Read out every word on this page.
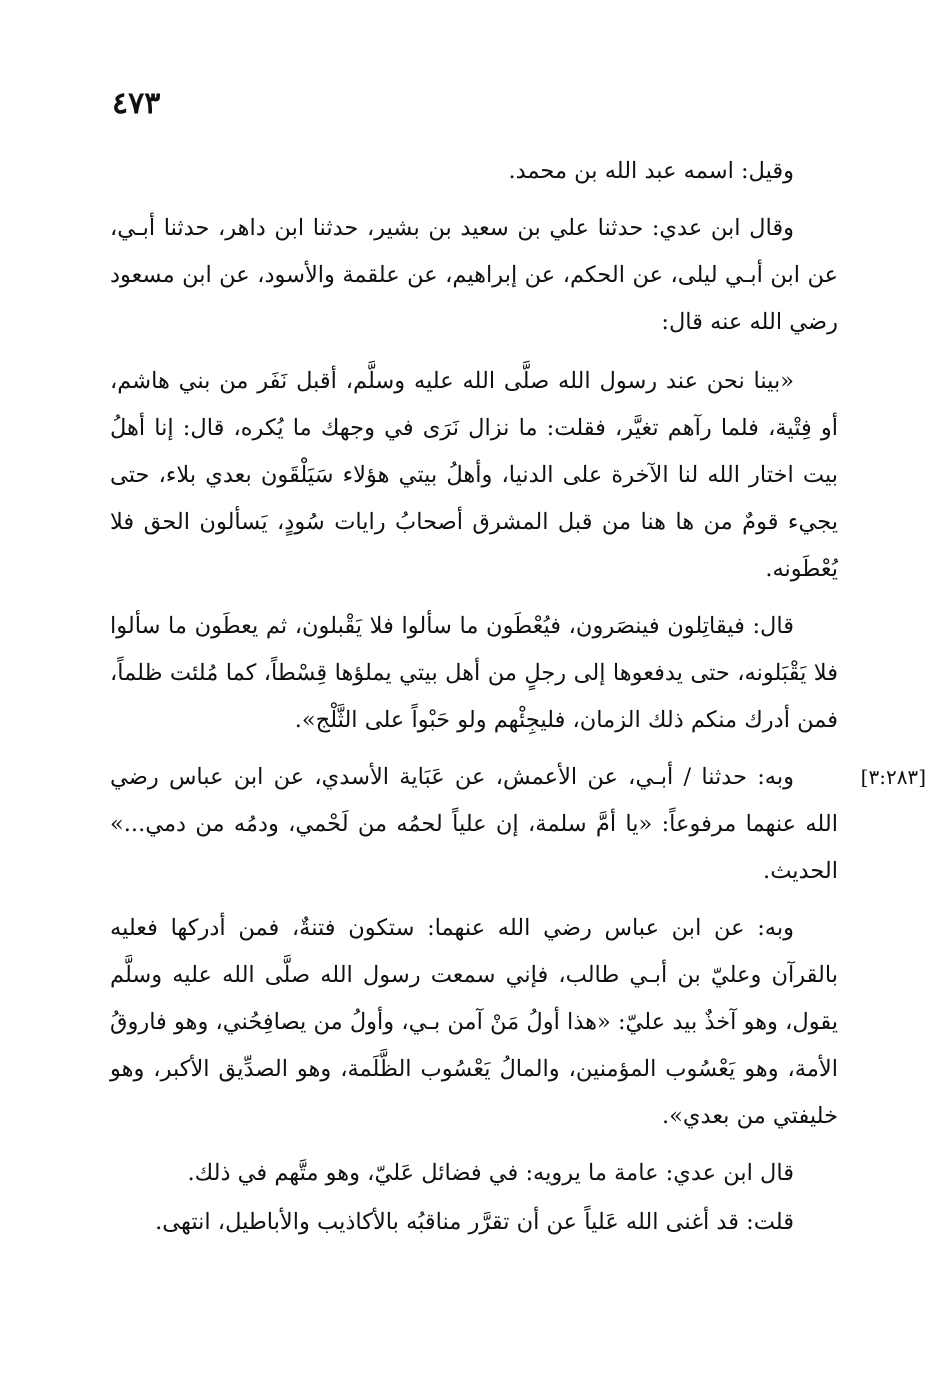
٤٧٣

وقيل: اسمه عبد الله بن محمد.

وقال ابن عدي: حدثنا علي بن سعيد بن بشير، حدثنا ابن داهر، حدثنا أبـي، عن ابن أبـي ليلى، عن الحكم، عن إبراهيم، عن علقمة والأسود، عن ابن مسعود رضي الله عنه قال:

«بينا نحن عند رسول الله صلَّى الله عليه وسلَّم، أقبل نَفَر من بني هاشم، أو فِتْية، فلما رآهم تغيَّر، فقلت: ما نزال نَرَى في وجهك ما يُكره، قال: إنا أهلُ بيت اختار الله لنا الآخرة على الدنيا، وأهلُ بيتي هؤلاء سَيَلْقَون بعدي بلاء، حتى يجيء قومٌ من ها هنا من قبل المشرق أصحابُ رايات سُودٍ، يَسألون الحق فلا يُعْطَونه.

قال: فيقاتِلون فينصَرون، فيُعْطَون ما سألوا فلا يَقْبلون، ثم يعطَون ما سألوا فلا يَقْبَلونه، حتى يدفعوها إلى رجلٍ من أهل بيتي يملؤها قِسْطاً، كما مُلئت ظلماً، فمن أدرك منكم ذلك الزمان، فليجِئْهم ولو حَبْواً على الثَّلْج».

[٣:٢٨٣]

وبه: حدثنا / أبـي، عن الأعمش، عن عَبَاية الأسدي، عن ابن عباس رضي الله عنهما مرفوعاً: «يا أمَّ سلمة، إن علياً لحمُه من لَحْمي، ودمُه من دمي...» الحديث.

وبه: عن ابن عباس رضي الله عنهما: ستكون فتنةٌ، فمن أدركها فعليه بالقرآن وعليّ بن أبـي طالب، فإني سمعت رسول الله صلَّى الله عليه وسلَّم يقول، وهو آخذٌ بيد عليّ: «هذا أولُ مَنْ آمن بـي، وأولُ من يصافِحُني، وهو فاروقُ الأمة، وهو يَعْسُوب المؤمنين، والمالُ يَعْسُوب الظَّلَمة، وهو الصدِّيق الأكبر، وهو خليفتي من بعدي».

قال ابن عدي: عامة ما يرويه: في فضائل عَليّ، وهو متَّهم في ذلك.

قلت: قد أغنى الله عَلياً عن أن تقرَّر مناقبُه بالأكاذيب والأباطيل، انتهى.
